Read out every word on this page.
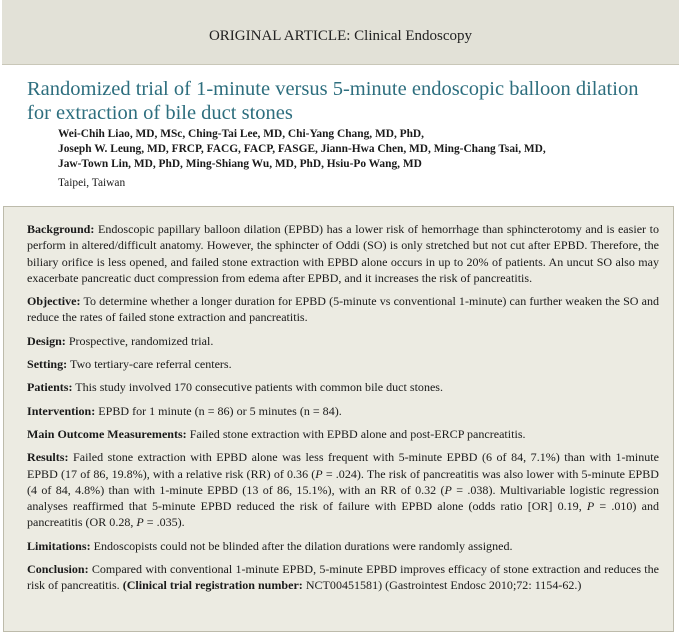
ORIGINAL ARTICLE: Clinical Endoscopy
Randomized trial of 1-minute versus 5-minute endoscopic balloon dilation for extraction of bile duct stones
Wei-Chih Liao, MD, MSc, Ching-Tai Lee, MD, Chi-Yang Chang, MD, PhD,
Joseph W. Leung, MD, FRCP, FACG, FACP, FASGE, Jiann-Hwa Chen, MD, Ming-Chang Tsai, MD,
Jaw-Town Lin, MD, PhD, Ming-Shiang Wu, MD, PhD, Hsiu-Po Wang, MD
Taipei, Taiwan

Background: Endoscopic papillary balloon dilation (EPBD) has a lower risk of hemorrhage than sphincterotomy and is easier to perform in altered/difficult anatomy. However, the sphincter of Oddi (SO) is only stretched but not cut after EPBD. Therefore, the biliary orifice is less opened, and failed stone extraction with EPBD alone occurs in up to 20% of patients. An uncut SO also may exacerbate pancreatic duct compression from edema after EPBD, and it increases the risk of pancreatitis.

Objective: To determine whether a longer duration for EPBD (5-minute vs conventional 1-minute) can further weaken the SO and reduce the rates of failed stone extraction and pancreatitis.

Design: Prospective, randomized trial.

Setting: Two tertiary-care referral centers.

Patients: This study involved 170 consecutive patients with common bile duct stones.

Intervention: EPBD for 1 minute (n = 86) or 5 minutes (n = 84).

Main Outcome Measurements: Failed stone extraction with EPBD alone and post-ERCP pancreatitis.

Results: Failed stone extraction with EPBD alone was less frequent with 5-minute EPBD (6 of 84, 7.1%) than with 1-minute EPBD (17 of 86, 19.8%), with a relative risk (RR) of 0.36 (P = .024). The risk of pancreatitis was also lower with 5-minute EPBD (4 of 84, 4.8%) than with 1-minute EPBD (13 of 86, 15.1%), with an RR of 0.32 (P = .038). Multivariable logistic regression analyses reaffirmed that 5-minute EPBD reduced the risk of failure with EPBD alone (odds ratio [OR] 0.19, P = .010) and pancreatitis (OR 0.28, P = .035).

Limitations: Endoscopists could not be blinded after the dilation durations were randomly assigned.

Conclusion: Compared with conventional 1-minute EPBD, 5-minute EPBD improves efficacy of stone extraction and reduces the risk of pancreatitis. (Clinical trial registration number: NCT00451581) (Gastrointest Endosc 2010;72: 1154-62.)
